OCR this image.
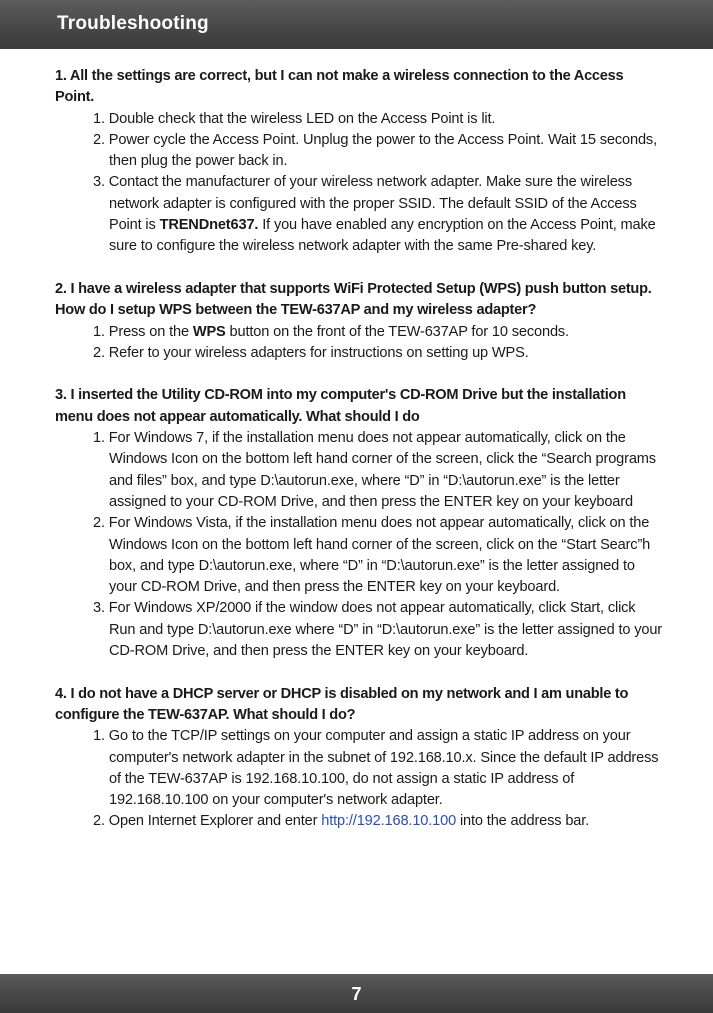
Troubleshooting

1. All the settings are correct, but I can not make a wireless connection to the Access Point.

1. Double check that the wireless LED on the Access Point is lit.

2. Power cycle the Access Point. Unplug the power to the Access Point. Wait 15 seconds, then plug the power back in.

3. Contact the manufacturer of your wireless network adapter. Make sure the wireless network adapter is configured with the proper SSID. The default SSID of the Access Point is TRENDnet637. If you have enabled any encryption on the Access Point, make sure to configure the wireless network adapter with the same Pre-shared key.

2. I have a wireless adapter that supports WiFi Protected Setup (WPS) push button setup. How do I setup WPS between the TEW-637AP and my wireless adapter?

1. Press on the WPS button on the front of the TEW-637AP for 10 seconds.

2. Refer to your wireless adapters for instructions on setting up WPS.

3. I inserted the Utility CD-ROM into my computer's CD-ROM Drive but the installation menu does not appear automatically. What should I do

1. For Windows 7, if the installation menu does not appear automatically, click on the Windows Icon on the bottom left hand corner of the screen, click the “Search programs and files” box, and type D:\autorun.exe, where “D” in “D:\autorun.exe” is the letter assigned to your CD-ROM Drive, and then press the ENTER key on your keyboard

2. For Windows Vista, if the installation menu does not appear automatically, click on the Windows Icon on the bottom left hand corner of the screen, click on the “Start Searc”h box, and type D:\autorun.exe, where “D” in “D:\autorun.exe” is the letter assigned to your CD-ROM Drive, and then press the ENTER key on your keyboard.

3. For Windows XP/2000 if the window does not appear automatically, click Start, click Run and type D:\autorun.exe where “D” in “D:\autorun.exe” is the letter assigned to your CD-ROM Drive, and then press the ENTER key on your keyboard.

4. I do not have a DHCP server or DHCP is disabled on my network and I am unable to configure the TEW-637AP. What should I do?

1. Go to the TCP/IP settings on your computer and assign a static IP address on your computer's network adapter in the subnet of 192.168.10.x. Since the default IP address of the TEW-637AP is 192.168.10.100, do not assign a static IP address of 192.168.10.100 on your computer's network adapter.

2. Open Internet Explorer and enter http://192.168.10.100 into the address bar.

7
